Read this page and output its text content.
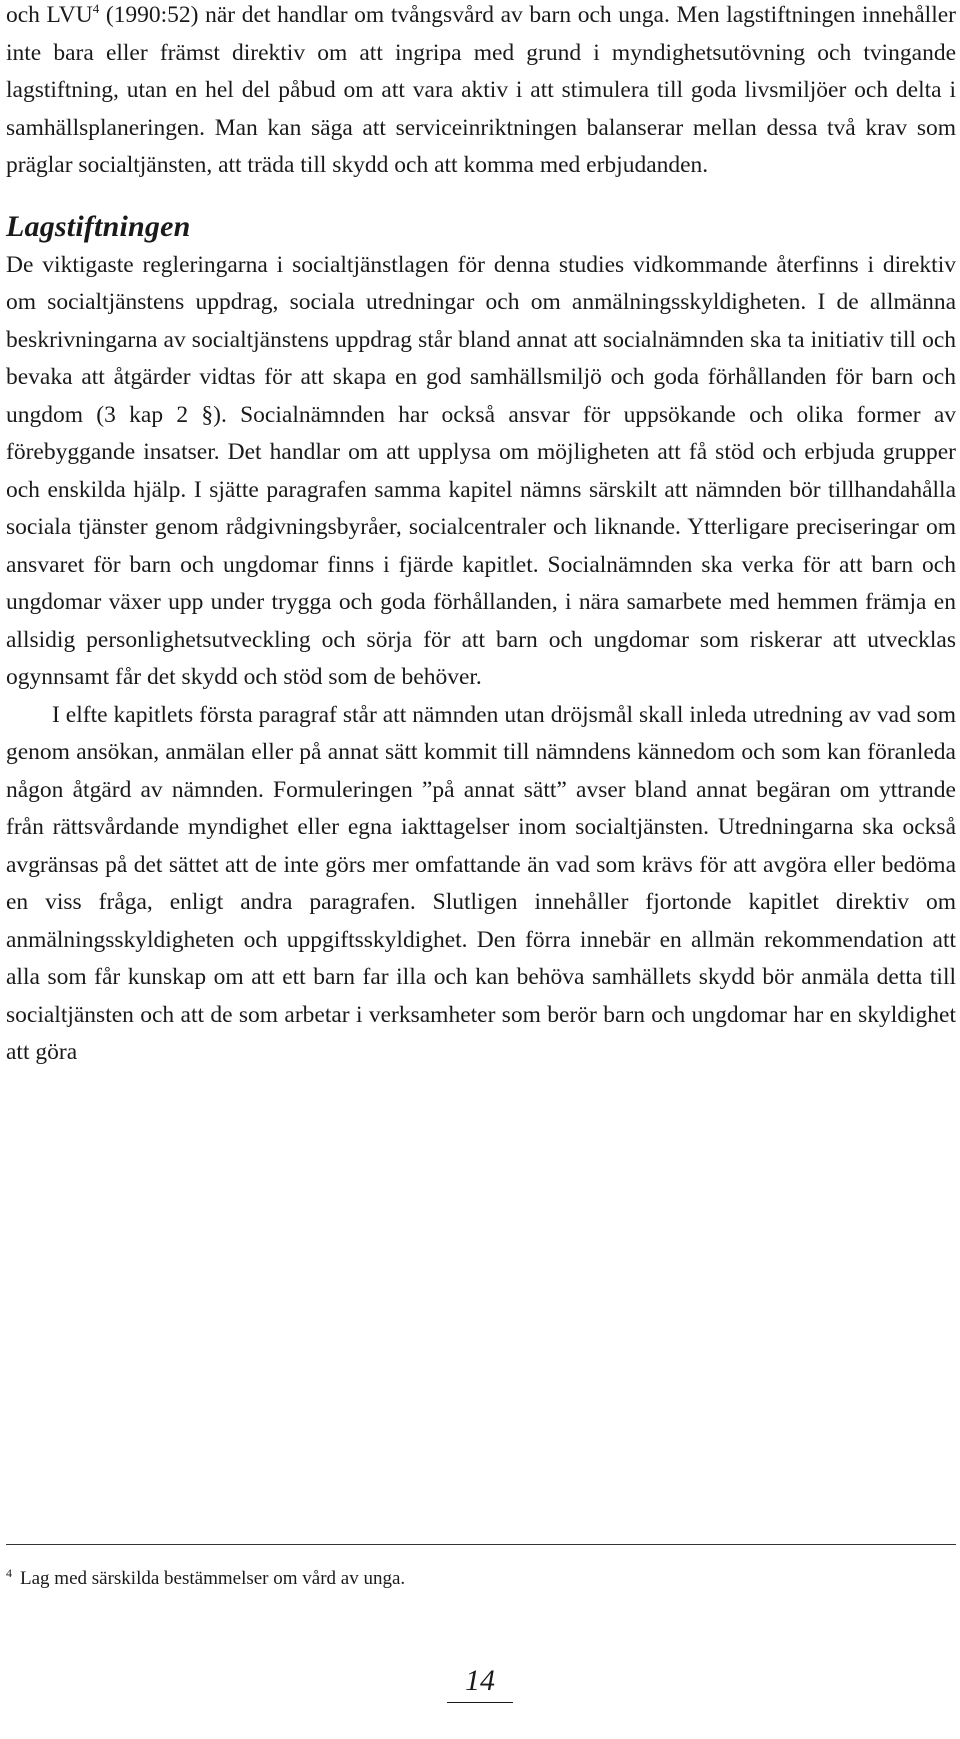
och LVU$^4$ (1990:52) när det handlar om tvångsvård av barn och unga. Men lagstiftningen innehåller inte bara eller främst direktiv om att ingripa med grund i myndighetsutövning och tvingande lagstiftning, utan en hel del påbud om att vara aktiv i att stimulera till goda livsmiljöer och delta i samhällsplaneringen. Man kan säga att serviceinriktningen balanserar mellan dessa två krav som präglar socialtjänsten, att träda till skydd och att komma med erbjudanden.

Lagstiftningen

De viktigaste regleringarna i socialtjänstlagen för denna studies vidkommande återfinns i direktiv om socialtjänstens uppdrag, sociala utredningar och om anmälningsskyldigheten. I de allmänna beskrivningarna av socialtjänstens uppdrag står bland annat att socialnämnden ska ta initiativ till och bevaka att åtgärder vidtas för att skapa en god samhällsmiljö och goda förhållanden för barn och ungdom (3 kap 2 §). Socialnämnden har också ansvar för uppsökande och olika former av förebyggande insatser. Det handlar om att upplysa om möjligheten att få stöd och erbjuda grupper och enskilda hjälp. I sjätte paragrafen samma kapitel nämns särskilt att nämnden bör tillhandahålla sociala tjänster genom rådgivningsbyråer, socialcentraler och liknande. Ytterligare preciseringar om ansvaret för barn och ungdomar finns i fjärde kapitlet. Socialnämnden ska verka för att barn och ungdomar växer upp under trygga och goda förhållanden, i nära samarbete med hemmen främja en allsidig personlighetsutveckling och sörja för att barn och ungdomar som riskerar att utvecklas ogynnsamt får det skydd och stöd som de behöver.

I elfte kapitlets första paragraf står att nämnden utan dröjsmål skall inleda utredning av vad som genom ansökan, anmälan eller på annat sätt kommit till nämndens kännedom och som kan föranleda någon åtgärd av nämnden. Formuleringen ”på annat sätt” avser bland annat begäran om yttrande från rättsvårdande myndighet eller egna iakttagelser inom socialtjänsten. Utredningarna ska också avgränsas på det sättet att de inte görs mer omfattande än vad som krävs för att avgöra eller bedöma en viss fråga, enligt andra paragrafen. Slutligen innehåller fjortonde kapitlet direktiv om anmälningsskyldigheten och uppgiftsskyldighet. Den förra innebär en allmän rekommendation att alla som får kunskap om att ett barn far illa och kan behöva samhällets skydd bör anmäla detta till socialtjänsten och att de som arbetar i verksamheter som berör barn och ungdomar har en skyldighet att göra

$^4$ Lag med särskilda bestämmelser om vård av unga.
14
